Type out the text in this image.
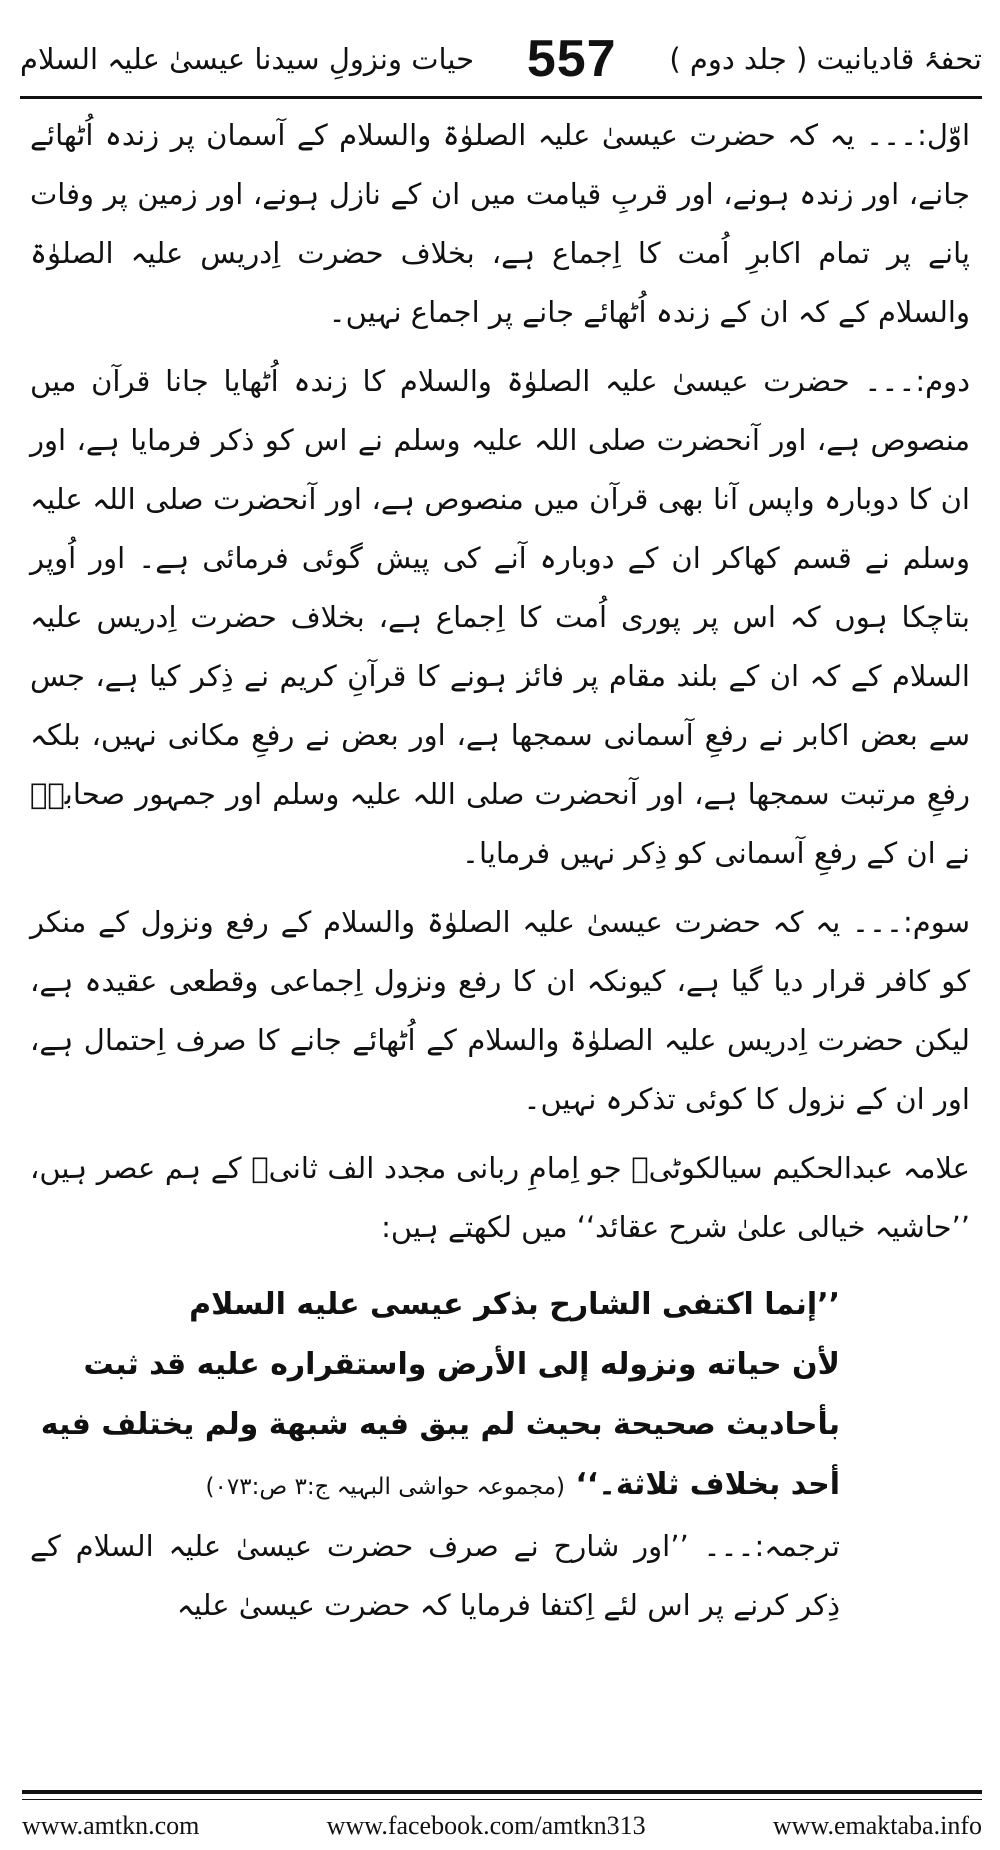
تحفۂ قادیانیت ( جلد دوم )
557
حیات ونزولِ سیدنا عیسیٰ علیہ السلام

اوّل:۔۔۔ یہ کہ حضرت عیسیٰ علیہ الصلوٰۃ والسلام کے آسمان پر زندہ اُٹھائے جانے، اور زندہ ہونے، اور قربِ قیامت میں ان کے نازل ہونے، اور زمین پر وفات پانے پر تمام اکابرِ اُمت کا اِجماع ہے، بخلاف حضرت اِدریس علیہ الصلوٰۃ والسلام کے کہ ان کے زندہ اُٹھائے جانے پر اجماع نہیں۔

دوم:۔۔۔ حضرت عیسیٰ علیہ الصلوٰۃ والسلام کا زندہ اُٹھایا جانا قرآن میں منصوص ہے، اور آنحضرت صلی اللہ علیہ وسلم نے اس کو ذکر فرمایا ہے، اور ان کا دوبارہ واپس آنا بھی قرآن میں منصوص ہے، اور آنحضرت صلی اللہ علیہ وسلم نے قسم کھاکر ان کے دوبارہ آنے کی پیش گوئی فرمائی ہے۔ اور اُوپر بتاچکا ہوں کہ اس پر پوری اُمت کا اِجماع ہے، بخلاف حضرت اِدریس علیہ السلام کے کہ ان کے بلند مقام پر فائز ہونے کا قرآنِ کریم نے ذِکر کیا ہے، جس سے بعض اکابر نے رفعِ آسمانی سمجھا ہے، اور بعض نے رفعِ مکانی نہیں، بلکہ رفعِ مرتبت سمجھا ہے، اور آنحضرت صلی اللہ علیہ وسلم اور جمہور صحابہؓ نے ان کے رفعِ آسمانی کو ذِکر نہیں فرمایا۔

سوم:۔۔۔ یہ کہ حضرت عیسیٰ علیہ الصلوٰۃ والسلام کے رفع ونزول کے منکر کو کافر قرار دیا گیا ہے، کیونکہ ان کا رفع ونزول اِجماعی وقطعی عقیدہ ہے، لیکن حضرت اِدریس علیہ الصلوٰۃ والسلام کے اُٹھائے جانے کا صرف اِحتمال ہے، اور ان کے نزول کا کوئی تذکرہ نہیں۔

علامہ عبدالحکیم سیالکوٹیؒ جو اِمامِ ربانی مجدد الف ثانیؒ کے ہم عصر ہیں، ’’حاشیہ خیالی علیٰ شرح عقائد‘‘ میں لکھتے ہیں:

’’إنما اکتفی الشارح بذکر عیسی علیه السلام

لأن حیاته ونزوله إلی الأرض واستقراره علیه قد ثبت

بأحادیث صحیحة بحیث لم یبق فیه شبهة ولم یختلف فیه

أحد بخلاف ثلاثة۔‘‘ (مجموعہ حواشی البہیہ ج:۳ ص:۰۷۳)

ترجمہ:۔۔۔ ’’اور شارح نے صرف حضرت عیسیٰ علیہ السلام کے ذِکر کرنے پر اس لئے اِکتفا فرمایا کہ حضرت عیسیٰ علیہ

www.amtkn.com	www.facebook.com/amtkn313	www.emaktaba.info
